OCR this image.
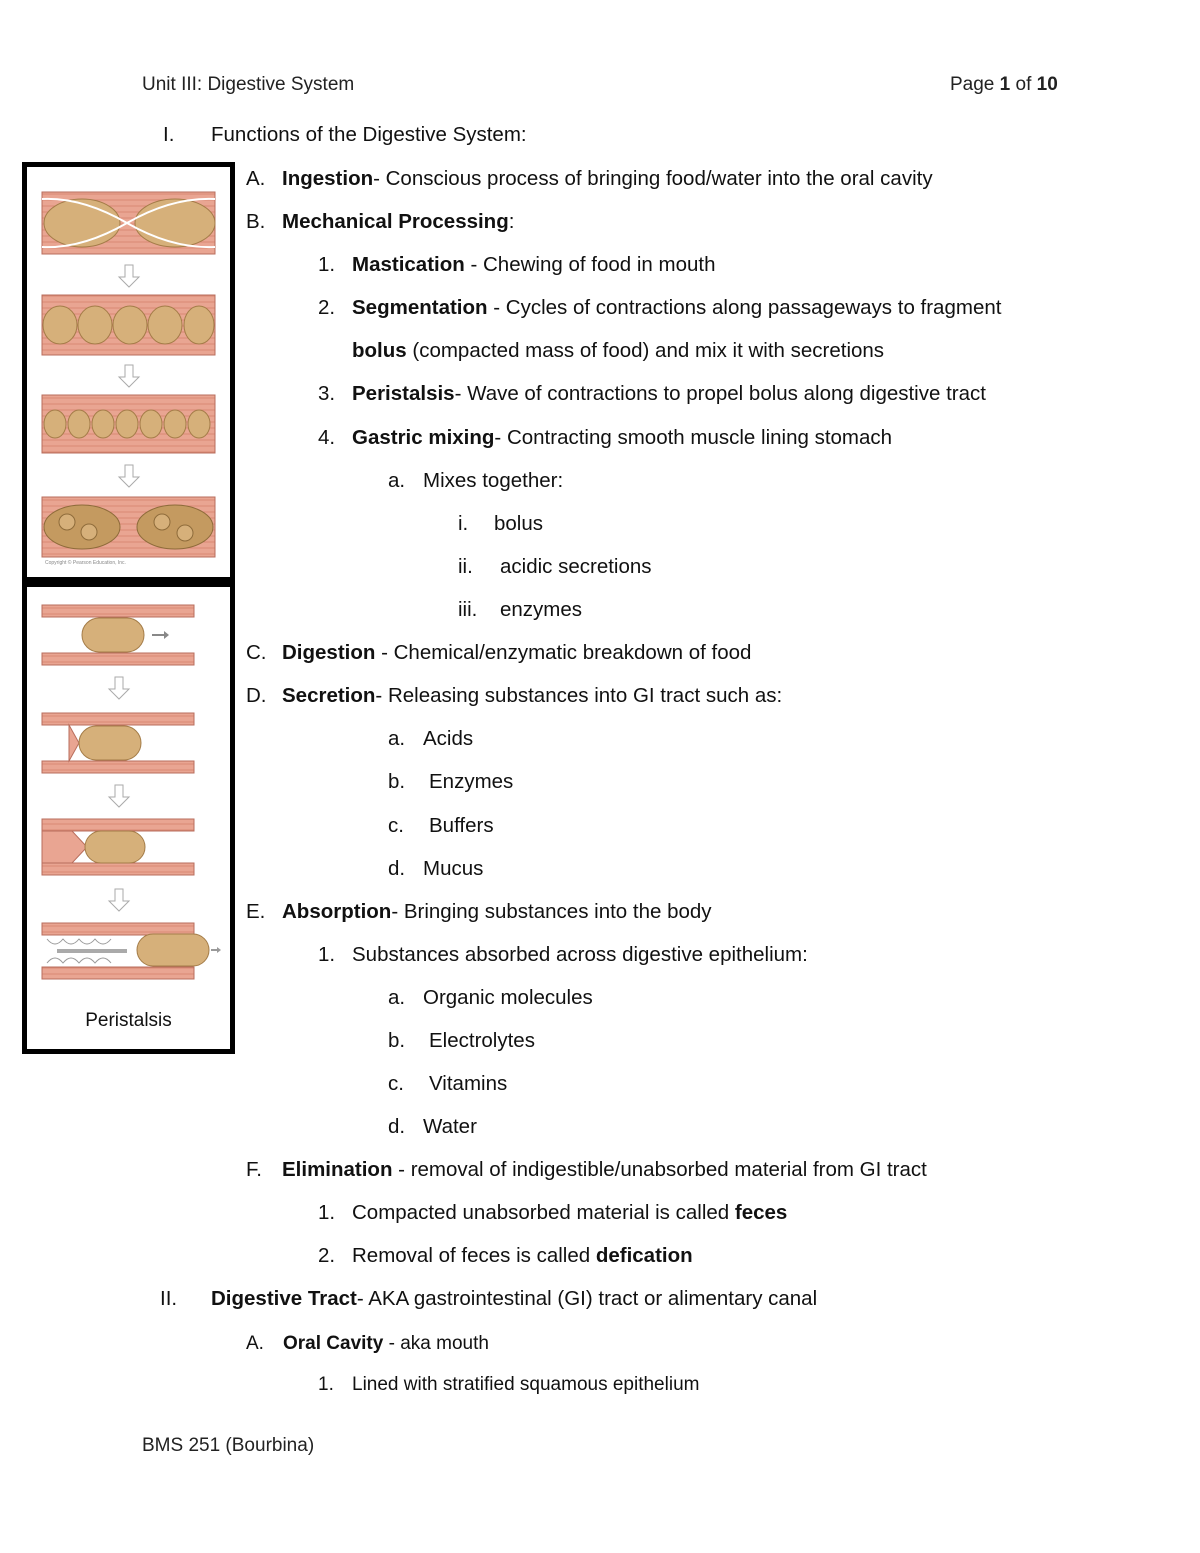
Unit III: Digestive System	Page 1 of 10
Copyright © Pearson Education, Inc.
Peristalsis
I. Functions of the Digestive System:
A. Ingestion- Conscious process of bringing food/water into the oral cavity
B. Mechanical Processing:
1. Mastication - Chewing of food in mouth
2. Segmentation - Cycles of contractions along passageways to fragment
bolus (compacted mass of food) and mix it with secretions
3. Peristalsis- Wave of contractions to propel bolus along digestive tract
4. Gastric mixing- Contracting smooth muscle lining stomach
a. Mixes together:
i. bolus
ii. acidic secretions
iii. enzymes
C. Digestion - Chemical/enzymatic breakdown of food
D. Secretion- Releasing substances into GI tract such as:
a. Acids
b. Enzymes
c. Buffers
d. Mucus
E. Absorption- Bringing substances into the body
1. Substances absorbed across digestive epithelium:
a. Organic molecules
b. Electrolytes
c. Vitamins
d. Water
F. Elimination - removal of indigestible/unabsorbed material from GI tract
1. Compacted unabsorbed material is called feces
2. Removal of feces is called defication
II. Digestive Tract- AKA gastrointestinal (GI) tract or alimentary canal
A. Oral Cavity - aka mouth
1. Lined with stratified squamous epithelium
BMS 251 (Bourbina)
